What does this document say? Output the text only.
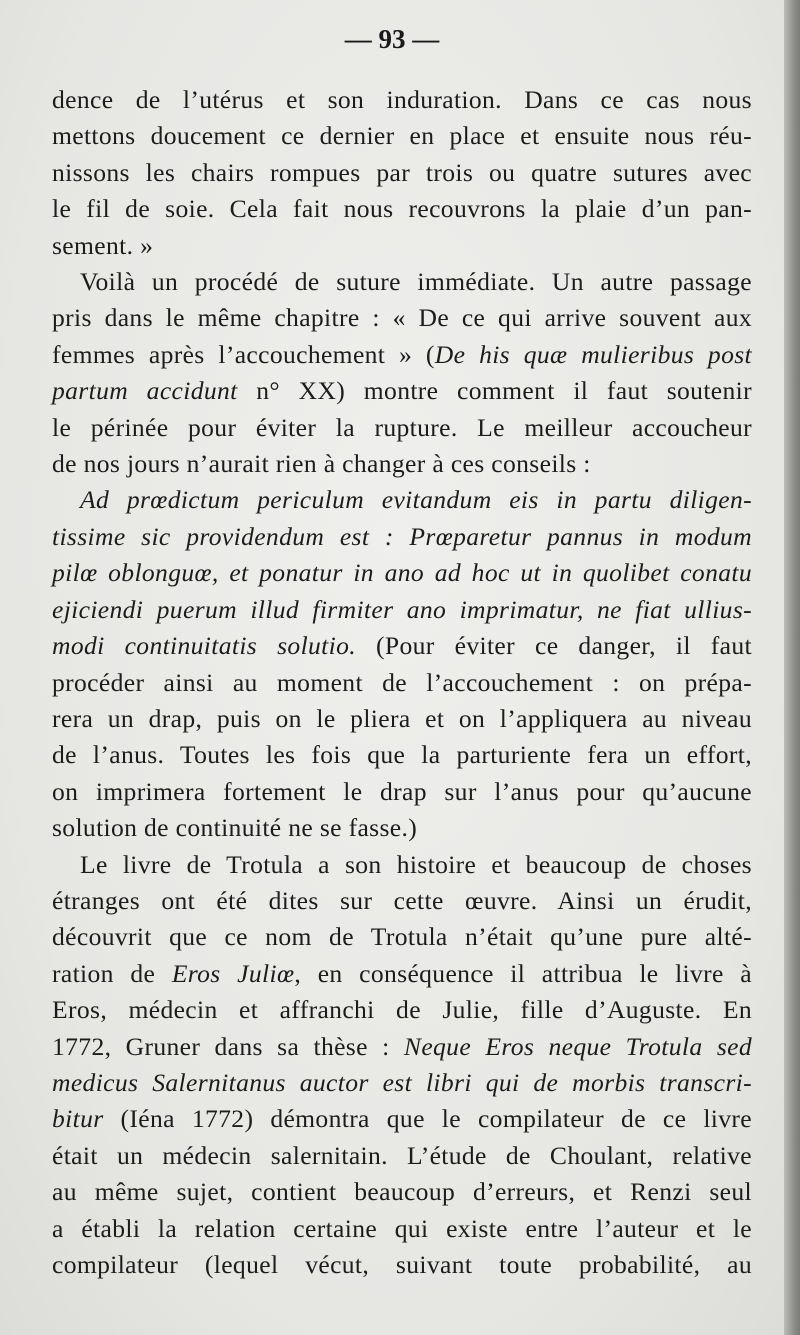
— 93 —

dence de l’utérus et son induration. Dans ce cas nous

mettons doucement ce dernier en place et ensuite nous réu-

nissons les chairs rompues par trois ou quatre sutures avec

le fil de soie. Cela fait nous recouvrons la plaie d’un pan-

sement. »

Voilà un procédé de suture immédiate. Un autre passage

pris dans le même chapitre : « De ce qui arrive souvent aux

femmes après l’accouchement » (De his quæ mulieribus post

partum accidunt n° XX) montre comment il faut soutenir

le périnée pour éviter la rupture. Le meilleur accoucheur

de nos jours n’aurait rien à changer à ces conseils :

Ad prœdictum periculum evitandum eis in partu diligen-

tissime sic providendum est : Prœparetur pannus in modum

pilœ oblonguœ, et ponatur in ano ad hoc ut in quolibet conatu

ejiciendi puerum illud firmiter ano imprimatur, ne fiat ullius-

modi continuitatis solutio. (Pour éviter ce danger, il faut

procéder ainsi au moment de l’accouchement : on prépa-

rera un drap, puis on le pliera et on l’appliquera au niveau

de l’anus. Toutes les fois que la parturiente fera un effort,

on imprimera fortement le drap sur l’anus pour qu’aucune

solution de continuité ne se fasse.)

Le livre de Trotula a son histoire et beaucoup de choses

étranges ont été dites sur cette œuvre. Ainsi un érudit,

découvrit que ce nom de Trotula n’était qu’une pure alté-

ration de Eros Juliœ, en conséquence il attribua le livre à

Eros, médecin et affranchi de Julie, fille d’Auguste. En

1772, Gruner dans sa thèse : Neque Eros neque Trotula sed

medicus Salernitanus auctor est libri qui de morbis transcri-

bitur (Iéna 1772) démontra que le compilateur de ce livre

était un médecin salernitain. L’étude de Choulant, relative

au même sujet, contient beaucoup d’erreurs, et Renzi seul

a établi la relation certaine qui existe entre l’auteur et le

compilateur (lequel vécut, suivant toute probabilité, au
